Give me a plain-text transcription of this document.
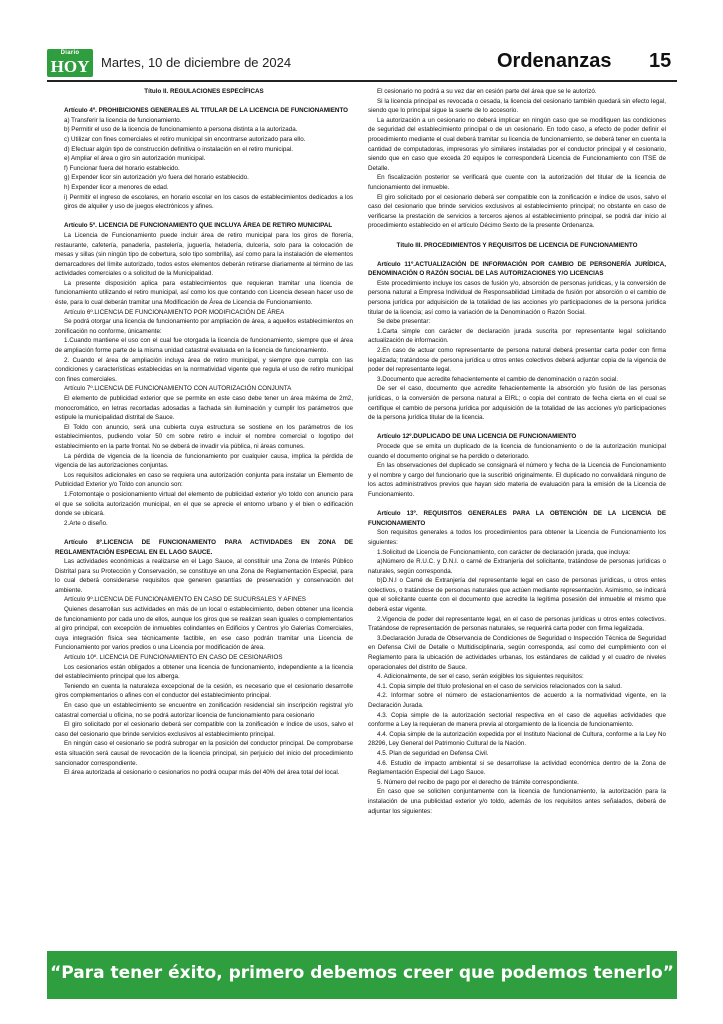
Diario
HOY Martes, 10 de diciembre de 2024	Ordenanzas 15

Título II. REGULACIONES ESPECÍFICAS

Artículo 4º. PROHIBICIONES GENERALES AL TITULAR DE LA LICENCIA DE FUNCIONAMIENTO

a) Transferir la licencia de funcionamiento.

b) Permitir el uso de la licencia de funcionamiento a persona distinta a la autorizada.

c) Utilizar con fines comerciales el retiro municipal sin encontrarse autorizado para ello.

d) Efectuar algún tipo de construcción definitiva o instalación en el retiro municipal.

e) Ampliar el área o giro sin autorización municipal.

f) Funcionar fuera del horario establecido.

g) Expender licor sin autorización y/o fuera del horario establecido.

h) Expender licor a menores de edad.

i) Permitir el ingreso de escolares, en horario escolar en los casos de establecimientos dedicados a los giros de alquiler y uso de juegos electrónicos y afines.

Artículo 5º. LICENCIA DE FUNCIONAMIENTO QUE INCLUYA ÁREA DE RETIRO MUNICIPAL

La Licencia de Funcionamiento puede incluir área de retiro municipal para los giros de florería, restaurante, cafetería, panadería, pastelería, juguería, heladería, dulcería, solo para la colocación de mesas y sillas (sin ningún tipo de cobertura, solo tipo sombrilla), así como para la instalación de elementos demarcadores del límite autorizado, todos estos elementos deberán retirarse diariamente al término de las actividades comerciales o a solicitud de la Municipalidad.

La presente disposición aplica para establecimientos que requieran tramitar una licencia de funcionamiento utilizando el retiro municipal, así como los que contando con Licencia desean hacer uso de éste, para lo cual deberán tramitar una Modificación de Área de Licencia de Funcionamiento.

Artículo 6º.LICENCIA DE FUNCIONAMIENTO POR MODIFICACIÓN DE ÁREA

Se podrá otorgar una licencia de funcionamiento por ampliación de área, a aquellos establecimientos en zonificación no conforme, únicamente:

1.Cuando mantiene el uso con el cual fue otorgada la licencia de funcionamiento, siempre que el área de ampliación forme parte de la misma unidad catastral evaluada en la licencia de funcionamiento.

2. Cuando el área de ampliación incluya área de retiro municipal, y siempre que cumpla con las condiciones y características establecidas en la normatividad vigente que regula el uso de retiro municipal con fines comerciales.

Artículo 7º.LICENCIA DE FUNCIONAMIENTO CON AUTORIZACIÓN CONJUNTA

El elemento de publicidad exterior que se permite en este caso debe tener un área máxima de 2m2, monocromático, en letras recortadas adosadas a fachada sin iluminación y cumplir los parámetros que estipule la municipalidad distrital de Sauce.

El Toldo con anuncio, será una cubierta cuya estructura se sostiene en los parámetros de los establecimientos, pudiendo volar 50 cm sobre retiro e incluir el nombre comercial o logotipo del establecimiento en la parte frontal. No se deberá de invadir vía pública, ni áreas comunes.

La pérdida de vigencia de la licencia de funcionamiento por cualquier causa, implica la pérdida de vigencia de las autorizaciones conjuntas.

Los requisitos adicionales en caso se requiera una autorización conjunta para instalar un Elemento de Publicidad Exterior y/o Toldo con anuncio son:

1.Fotomontaje o posicionamiento virtual del elemento de publicidad exterior y/o toldo con anuncio para el que se solicita autorización municipal, en el que se aprecie el entorno urbano y el bien o edificación donde se ubicará.

2.Arte o diseño.

Artículo 8º.LICENCIA DE FUNCIONAMIENTO PARA ACTIVIDADES EN ZONA DE REGLAMENTACIÓN ESPECIAL EN EL LAGO SAUCE.

Las actividades económicas a realizarse en el Lago Sauce, al constituir una Zona de Interés Público Distrital para su Protección y Conservación, se constituye en una Zona de Reglamentación Especial, para lo cual deberá considerarse requisitos que generen garantías de preservación y conservación del ambiente.

Artículo 9º.LICENCIA DE FUNCIONAMIENTO EN CASO DE SUCURSALES Y AFINES

Quienes desarrollan sus actividades en más de un local o establecimiento, deben obtener una licencia de funcionamiento por cada uno de ellos, aunque los giros que se realizan sean iguales o complementarios al giro principal, con excepción de inmuebles colindantes en Edificios y Centros y/o Galerías Comerciales, cuya integración física sea técnicamente factible, en ese caso podrán tramitar una Licencia de Funcionamiento por varios predios o una Licencia por modificación de área.

Artículo 10º. LICENCIA DE FUNCIONAMIENTO EN CASO DE CESIONARIOS

Los cesionarios están obligados a obtener una licencia de funcionamiento, independiente a la licencia del establecimiento principal que los alberga.

Teniendo en cuenta la naturaleza excepcional de la cesión, es necesario que el cesionario desarrolle giros complementarios o afines con el conductor del establecimiento principal.

En caso que un establecimiento se encuentre en zonificación residencial sin inscripción registral y/o catastral comercial u oficina, no se podrá autorizar licencia de funcionamiento para cesionario

El giro solicitado por el cesionario deberá ser compatible con la zonificación e índice de usos, salvo el caso del cesionario que brinde servicios exclusivos al establecimiento principal.

En ningún caso el cesionario se podrá subrogar en la posición del conductor principal. De comprobarse esta situación será causal de revocación de la licencia principal, sin perjuicio del inicio del procedimiento sancionador correspondiente.

El área autorizada al cesionario o cesionarios no podrá ocupar más del 40% del área total del local.

El cesionario no podrá a su vez dar en cesión parte del área que se le autorizó.

Si la licencia principal es revocada o cesada, la licencia del cesionario también quedará sin efecto legal, siendo que lo principal sigue la suerte de lo accesorio.

La autorización a un cesionario no deberá implicar en ningún caso que se modifiquen las condiciones de seguridad del establecimiento principal o de un cesionario. En todo caso, a efecto de poder definir el procedimiento mediante el cual deberá tramitar su licencia de funcionamiento, se deberá tener en cuenta la cantidad de computadoras, impresoras y/o similares instaladas por el conductor principal y el cesionario, siendo que en caso que exceda 20 equipos le corresponderá Licencia de Funcionamiento con ITSE de Detalle.

En fiscalización posterior se verificará que cuente con la autorización del titular de la licencia de funcionamiento del inmueble.

El giro solicitado por el cesionario deberá ser compatible con la zonificación e índice de usos, salvo el caso del cesionario que brinde servicios exclusivos al establecimiento principal; no obstante en caso de verificarse la prestación de servicios a terceros ajenos al establecimiento principal, se podrá dar inicio al procedimiento establecido en el artículo Décimo Sexto de la presente Ordenanza.

Título III. PROCEDIMIENTOS Y REQUISITOS DE LICENCIA DE FUNCIONAMIENTO

Artículo 11º.ACTUALIZACIÓN DE INFORMACIÓN POR CAMBIO DE PERSONERÍA JURÍDICA, DENOMINACIÓN O RAZÓN SOCIAL DE LAS AUTORIZACIONES Y/O LICENCIAS

Este procedimiento incluye los casos de fusión y/o, absorción de personas jurídicas, y la conversión de persona natural a Empresa Individual de Responsabilidad Limitada de fusión por absorción o el cambio de persona jurídica por adquisición de la totalidad de las acciones y/o participaciones de la persona jurídica titular de la licencia; así como la variación de la Denominación o Razón Social.

Se debe presentar:

1.Carta simple con carácter de declaración jurada suscrita por representante legal solicitando actualización de información.

2.En caso de actuar como representante de persona natural deberá presentar carta poder con firma legalizada; tratándose de persona jurídica u otros entes colectivos deberá adjuntar copia de la vigencia de poder del representante legal.

3.Documento que acredite fehacientemente el cambio de denominación o razón social.

De ser el caso, documento que acredite fehacientemente la absorción y/o fusión de las personas jurídicas, o la conversión de persona natural a EIRL; o copia del contrato de fecha cierta en el cual se certifique el cambio de persona jurídica por adquisición de la totalidad de las acciones y/o participaciones de la persona jurídica titular de la licencia.

Artículo 12º.DUPLICADO DE UNA LICENCIA DE FUNCIONAMIENTO

Procede que se emita un duplicado de la licencia de funcionamiento o de la autorización municipal cuando el documento original se ha perdido o deteriorado.

En las observaciones del duplicado se consignará el número y fecha de la Licencia de Funcionamiento y el nombre y cargo del funcionario que la suscribió originalmente. El duplicado no convalidará ninguno de los actos administrativos previos que hayan sido materia de evaluación para la emisión de la Licencia de Funcionamiento.

Artículo 13º. REQUISITOS GENERALES PARA LA OBTENCIÓN DE LA LICENCIA DE FUNCIONAMIENTO

Son requisitos generales a todos los procedimientos para obtener la Licencia de Funcionamiento los siguientes:

1.Solicitud de Licencia de Funcionamiento, con carácter de declaración jurada, que incluya:

a)Número de R.U.C. y D.N.I. o carné de Extranjería del solicitante, tratándose de personas jurídicas o naturales, según corresponda.

b)D.N.I o Carné de Extranjería del representante legal en caso de personas jurídicas, u otros entes colectivos, o tratándose de personas naturales que actúen mediante representación. Asimismo, se indicará que el solicitante cuente con el documento que acredite la legítima posesión del inmueble el mismo que deberá estar vigente.

2.Vigencia de poder del representante legal, en el caso de personas jurídicas u otros entes colectivos. Tratándose de representación de personas naturales, se requerirá carta poder con firma legalizada.

3.Declaración Jurada de Observancia de Condiciones de Seguridad o Inspección Técnica de Seguridad en Defensa Civil de Detalle o Multidisciplinaria, según corresponda, así como del cumplimiento con el Reglamento para la ubicación de actividades urbanas, los estándares de calidad y el cuadro de niveles operacionales del distrito de Sauce.

4. Adicionalmente, de ser el caso, serán exigibles los siguientes requisitos:

4.1. Copia simple del título profesional en el caso de servicios relacionados con la salud.

4.2. Informar sobre el número de estacionamientos de acuerdo a la normatividad vigente, en la Declaración Jurada.

4.3. Copia simple de la autorización sectorial respectiva en el caso de aquellas actividades que conforme a Ley la requieran de manera previa al otorgamiento de la licencia de funcionamiento.

4.4. Copia simple de la autorización expedida por el Instituto Nacional de Cultura, conforme a la Ley No 28296, Ley General del Patrimonio Cultural de la Nación.

4.5. Plan de seguridad en Defensa Civil.

4.6. Estudio de impacto ambiental si se desarrollase la actividad económica dentro de la Zona de Reglamentación Especial del Lago Sauce.

5. Número del recibo de pago por el derecho de trámite correspondiente.

En caso que se soliciten conjuntamente con la licencia de funcionamiento, la autorización para la instalación de una publicidad exterior y/o toldo, además de los requisitos antes señalados, deberá de adjuntar los siguientes:

“Para tener éxito, primero debemos creer que podemos tenerlo”
